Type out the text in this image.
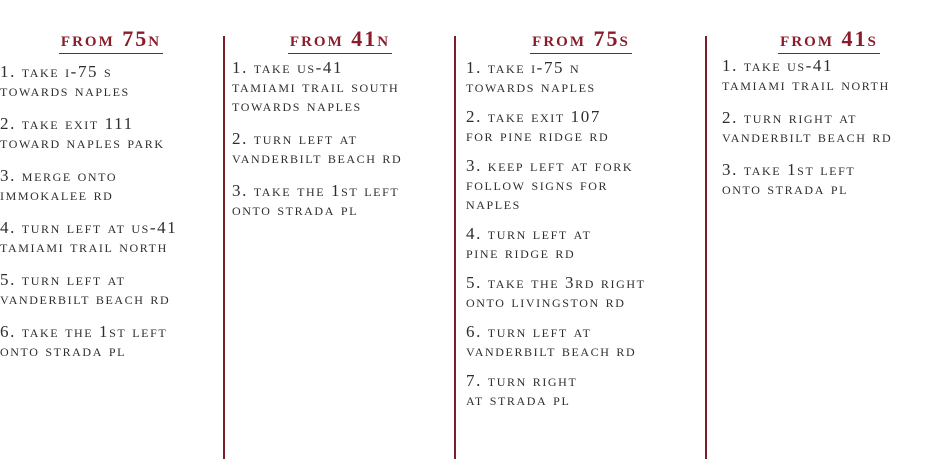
from 75n
1. take i-75 s
towards naples
2. take exit 111
toward naples park
3. merge onto
immokalee rd
4. turn left at us-41
tamiami trail north
5. turn left at
vanderbilt beach rd
6. take the 1st left
onto strada pl
from 41n
1. take us-41
tamiami trail south
towards naples
2. turn left at
vanderbilt beach rd
3. take the 1st left
onto strada pl
from 75s
1. take i-75 n
towards naples
2. take exit 107
for pine ridge rd
3. keep left at fork
follow signs for
naples
4. turn left at
pine ridge rd
5. take the 3rd right
onto livingston rd
6. turn left at
vanderbilt beach rd
7. turn right
at strada pl
from 41s
1. take us-41
tamiami trail north
2. turn right at
vanderbilt beach rd
3. take 1st left
onto strada pl
